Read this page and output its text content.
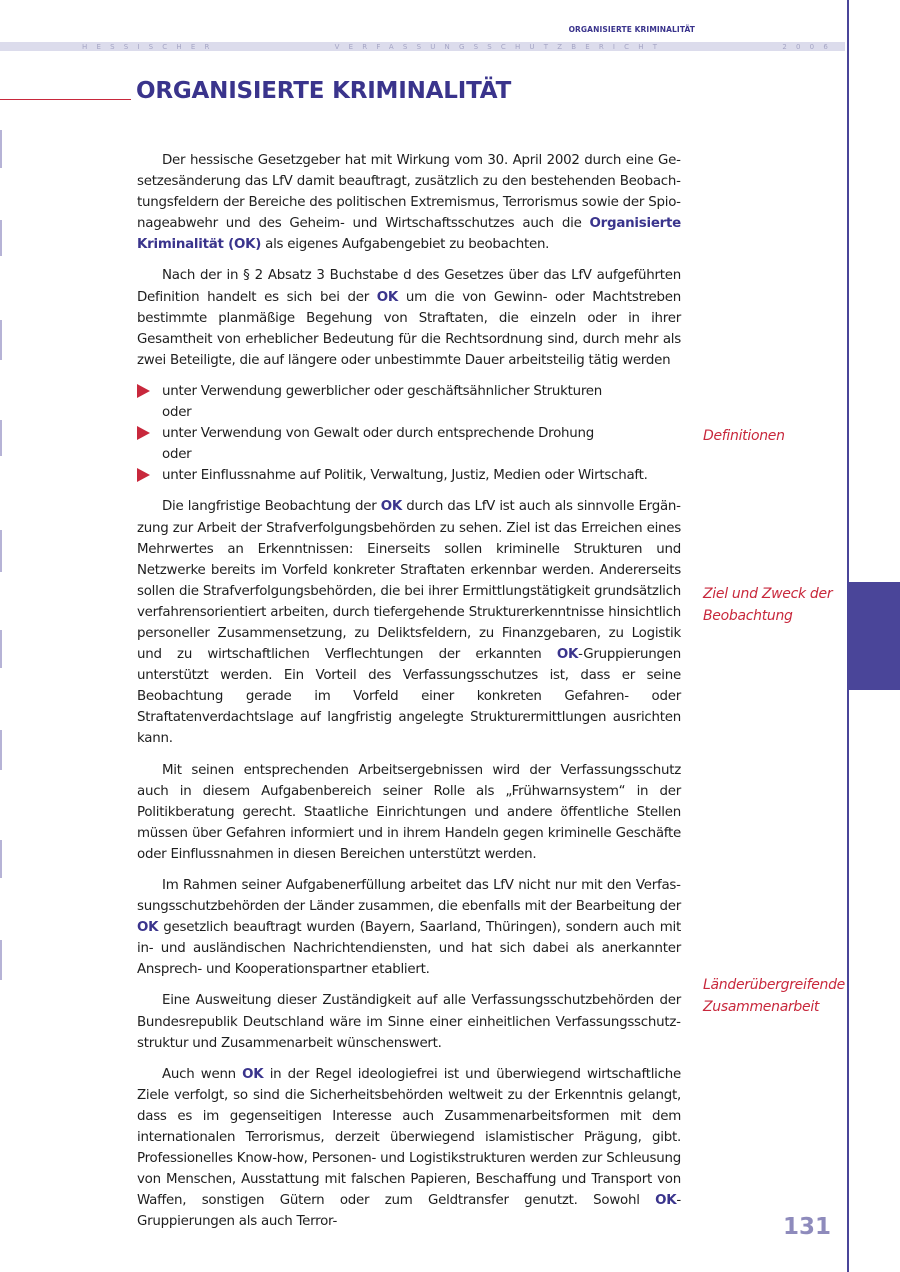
ORGANISIERTE KRIMINALITÄT
HESSISCHER	VERFASSUNGSSCHUTZBERICHT	2006
ORGANISIERTE KRIMINALITÄT

Der hessische Gesetzgeber hat mit Wirkung vom 30. April 2002 durch eine Gesetzesänderung das LfV damit beauftragt, zusätzlich zu den bestehenden Beobachtungsfeldern der Bereiche des politischen Extremismus, Terrorismus sowie der Spionageabwehr und des Geheim- und Wirtschaftsschutzes auch die Organisierte Kriminalität (OK) als eigenes Aufgabengebiet zu beobachten.

Nach der in § 2 Absatz 3 Buchstabe d des Gesetzes über das LfV aufgeführten Definition handelt es sich bei der OK um die von Gewinn- oder Machtstreben bestimmte planmäßige Begehung von Straftaten, die einzeln oder in ihrer Gesamtheit von erheblicher Bedeutung für die Rechtsordnung sind, durch mehr als zwei Beteiligte, die auf längere oder unbestimmte Dauer arbeitsteilig tätig werden

unter Verwendung gewerblicher oder geschäftsähnlicher Strukturen
oder
unter Verwendung von Gewalt oder durch entsprechende Drohung
oder
unter Einflussnahme auf Politik, Verwaltung, Justiz, Medien oder Wirtschaft.

Die langfristige Beobachtung der OK durch das LfV ist auch als sinnvolle Ergänzung zur Arbeit der Strafverfolgungsbehörden zu sehen. Ziel ist das Erreichen eines Mehrwertes an Erkenntnissen: Einerseits sollen kriminelle Strukturen und Netzwerke bereits im Vorfeld konkreter Straftaten erkennbar werden. Andererseits sollen die Strafverfolgungsbehörden, die bei ihrer Ermittlungstätigkeit grundsätzlich verfahrensorientiert arbeiten, durch tiefergehende Strukturerkenntnisse hinsichtlich personeller Zusammensetzung, zu Deliktsfeldern, zu Finanzgebaren, zu Logistik und zu wirtschaftlichen Verflechtungen der erkannten OK-Gruppierungen unterstützt werden. Ein Vorteil des Verfassungsschutzes ist, dass er seine Beobachtung gerade im Vorfeld einer konkreten Gefahren- oder Straftatenverdachtslage auf langfristig angelegte Strukturermittlungen ausrichten kann.

Mit seinen entsprechenden Arbeitsergebnissen wird der Verfassungsschutz auch in diesem Aufgabenbereich seiner Rolle als „Frühwarnsystem“ in der Politikberatung gerecht. Staatliche Einrichtungen und andere öffentliche Stellen müssen über Gefahren informiert und in ihrem Handeln gegen kriminelle Geschäfte oder Einflussnahmen in diesen Bereichen unterstützt werden.

Im Rahmen seiner Aufgabenerfüllung arbeitet das LfV nicht nur mit den Verfassungsschutzbehörden der Länder zusammen, die ebenfalls mit der Bearbeitung der OK gesetzlich beauftragt wurden (Bayern, Saarland, Thüringen), sondern auch mit in- und ausländischen Nachrichtendiensten, und hat sich dabei als anerkannter Ansprech- und Kooperationspartner etabliert.

Eine Ausweitung dieser Zuständigkeit auf alle Verfassungsschutzbehörden der Bundesrepublik Deutschland wäre im Sinne einer einheitlichen Verfassungsschutzstruktur und Zusammenarbeit wünschenswert.

Auch wenn OK in der Regel ideologiefrei ist und überwiegend wirtschaftliche Ziele verfolgt, so sind die Sicherheitsbehörden weltweit zu der Erkenntnis gelangt, dass es im gegenseitigen Interesse auch Zusammenarbeitsformen mit dem internationalen Terrorismus, derzeit überwiegend islamistischer Prägung, gibt. Professionelles Know-how, Personen- und Logistikstrukturen werden zur Schleusung von Menschen, Ausstattung mit falschen Papieren, Beschaffung und Transport von Waffen, sonstigen Gütern oder zum Geldtransfer genutzt. Sowohl OK-Gruppierungen als auch Terror-

Definitionen

Ziel und Zweck der
Beobachtung

Länderübergreifende
Zusammenarbeit

131
